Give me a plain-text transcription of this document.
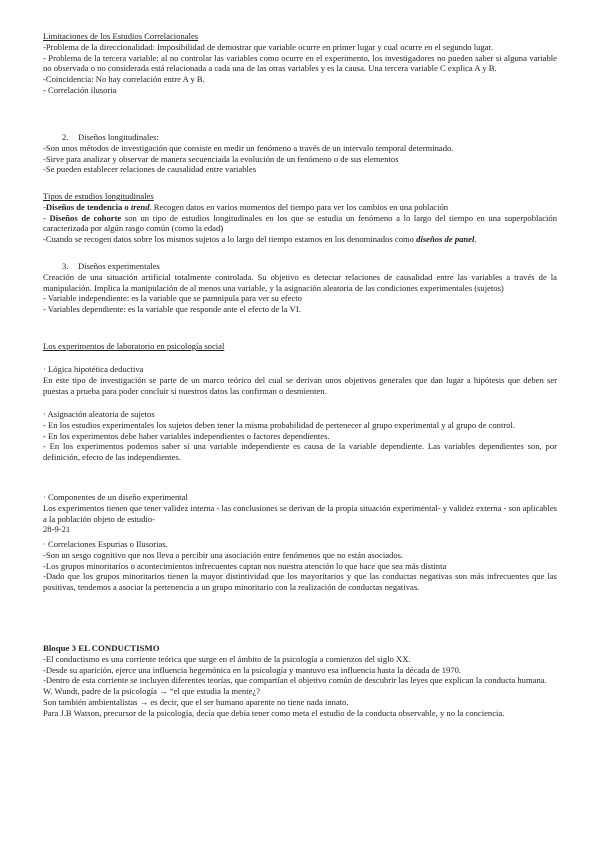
Limitaciones de los Estudios Correlacionales

-Problema de la direccionalidad: Imposibilidad de demostrar que variable ocurre en primer lugar y cual ocurre en el segundo lugar.

- Problema de la tercera variable: al no controlar las variables como ocurre en el experimento, los investigadores no pueden saber si alguna variable no observada o no considerada está relacionada a cada una de las otras variables y es la causa. Una tercera variable C explica A y B.

-Coincidencia: No hay correlación entre A y B.

- Correlación ilusoria

2. Diseños longitudinales:

-Son unos métodos de investigación que consiste en medir un fenómeno a través de un intervalo temporal determinado.

-Sirve para analizar y observar de manera secuenciada la evolución de un fenómeno o de sus elementos

-Se pueden establecer relaciones de causalidad entre variables

Tipos de estudios longitudinales

-Diseños de tendencia o trend. Recogen datos en varios momentos del tiempo para ver los cambios en una población

- Diseños de cohorte son un tipo de estudios longitudinales en los que se estudia un fenómeno a lo largo del tiempo en una superpoblación caracterizada por algún rasgo común (como la edad)

-Cuando se recogen datos sobre los mismos sujetos a lo largo del tiempo estamos en los denominados como diseños de panel.

3. Diseños experimentales

Creación de una situación artificial totalmente controlada. Su objetivo es detectar relaciones de causalidad entre las variables a través de la manipulación. Implica la manipulación de al menos una variable, y la asignación aleatoria de las condiciones experimentales (sujetos)

- Variable independiente: es la variable que se pamnipula para ver su efecto

- Variables dependiente: es la variable que responde ante el efecto de la VI.

Los experimentos de laboratorio en psicología social

· Lógica hipotética deductiva

En este tipo de investigación se parte de un marco teórico del cual se derivan unos objetivos generales que dan lugar a hipótesis que deben ser puestas a prueba para poder concluir si nuestros datos las confirman o desmienten.

· Asignación aleatoria de sujetos

- En los estudios experimentales los sujetos deben tener la misma probabilidad de pertenecer al grupo experimental y al grupo de control.

- En los experimentos debe haber variables independientes o factores dependientes.

- En los experimentos podemos saber si una variable independiente es causa de la variable dependiente. Las variables dependientes son, por definición, efecto de las independientes.

· Componentes de un diseño experimental

Los experimentos tienen que tener validez interna - las conclusiones se derivan de la propia situación experimental- y validez externa - son aplicables a la población objeto de estudio-

28-9-21

· Correlaciones Espurias o Ilusorias.

-Son un sesgo cognitivo que nos lleva a percibir una asociación entre fenómenos que no están asociados.

-Los grupos minoritarios o acontecimientos infrecuentes captan nos nuestra atención lo que hace que sea más distinta

-Dado que los grupos minoritarios tienen la mayor distintividad que los mayoritarios y que las conductas negativas son más infrecuentes que las positivas, tendemos a asociar la pertenencia a un grupo minoritario con la realización de conductas negativas.

Bloque 3 EL CONDUCTISMO

-El conductismo es una corriente teórica que surge en el ámbito de la psicología a comienzos del siglo XX.

-Desde su aparición, ejerce una influencia hegemónica en la psicología y mantuvo esa influencia hasta la década de 1970.

-Dentro de esta corriente se incluyen diferentes teorías, que compartían el objetivo común de descubrir las leyes que explican la conducta humana.

W. Wundt, padre de la psicología → “el que estudia la mente¿?

Son también ambientalistas → es decir, que el ser humano aparente no tiene nada innato.

Para J.B Watson, precursor de la psicología, decía que debía tener como meta el estudio de la conducta observable, y no la conciencia.
